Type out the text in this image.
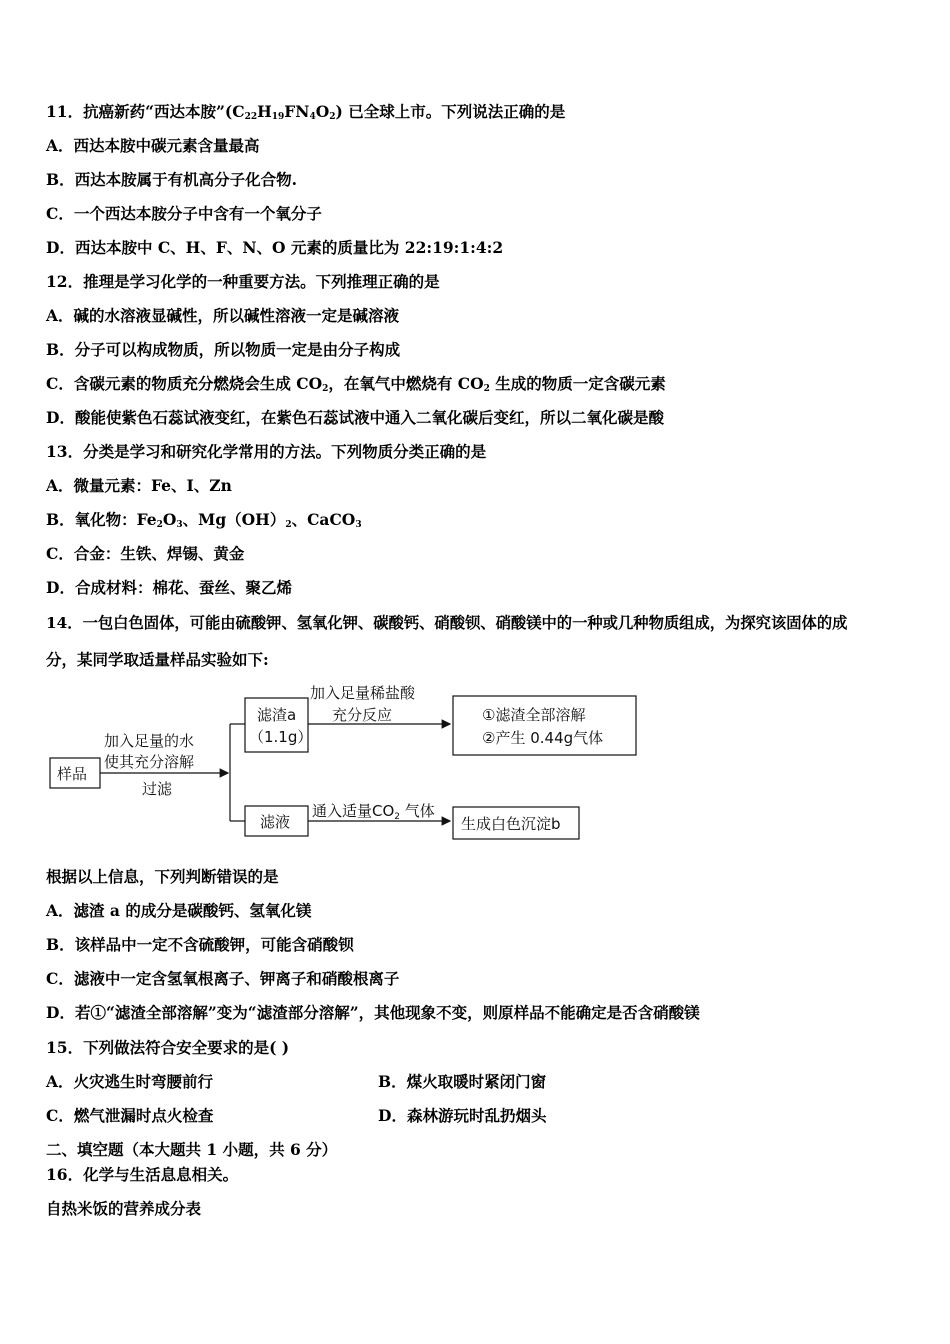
11．抗癌新药“西达本胺$”(C_{22}H_{19}FN_4O_2)$ 已全球上市。下列说法正确的是
A．西达本胺中碳元素含量最高
B．西达本胺属于有机高分子化合物.
C．一个西达本胺分子中含有一个氧分子
D．西达本胺中 C、H、F、N、O 元素的质量比为 22:19:1:4:2
12．推理是学习化学的一种重要方法。下列推理正确的是
A．碱的水溶液显碱性，所以碱性溶液一定是碱溶液
B．分子可以构成物质，所以物质一定是由分子构成
C．含碳元素的物质充分燃烧会生成 $CO_2$，在氧气中燃烧有 $CO_2$ 生成的物质一定含碳元素
D．酸能使紫色石蕊试液变红，在紫色石蕊试液中通入二氧化碳后变红，所以二氧化碳是酸
13．分类是学习和研究化学常用的方法。下列物质分类正确的是
A．微量元素：Fe、I、Zn
B．氧化物：$Fe_2O_3$、$Mg(OH)_2$、CaCO$_3$
C．合金：生铁、焊锡、黄金
D．合成材料：棉花、蚕丝、聚乙烯
14．一包白色固体，可能由硫酸钾、氢氧化钾、碳酸钙、硝酸钡、硝酸镁中的一种或几种物质组成，为探究该固体的成
分，某同学取适量样品实验如下:
样品
加入足量的水
使其充分溶解
过滤
滤渣a
（1.1g）
加入足量稀盐酸
充分反应	①滤渣全部溶解
②产生 0.44g气体
滤液
通入适量$CO_2$ 气体
生成白色沉淀b
根据以上信息，下列判断错误的是
A．滤渣 a 的成分是碳酸钙、氢氧化镁
B．该样品中一定不含硫酸钾，可能含硝酸钡
C．滤液中一定含氢氧根离子、钾离子和硝酸根离子
D．若①“滤渣全部溶解”变为“滤渣部分溶解”，其他现象不变，则原样品不能确定是否含硝酸镁
15．下列做法符合安全要求的是( )
A．火灾逃生时弯腰前行	B．煤火取暖时紧闭门窗
C．燃气泄漏时点火检查	D．森林游玩时乱扔烟头
二、填空题（本大题共 1 小题，共 6 分）
16．化学与生活息息相关。
自热米饭的营养成分表
